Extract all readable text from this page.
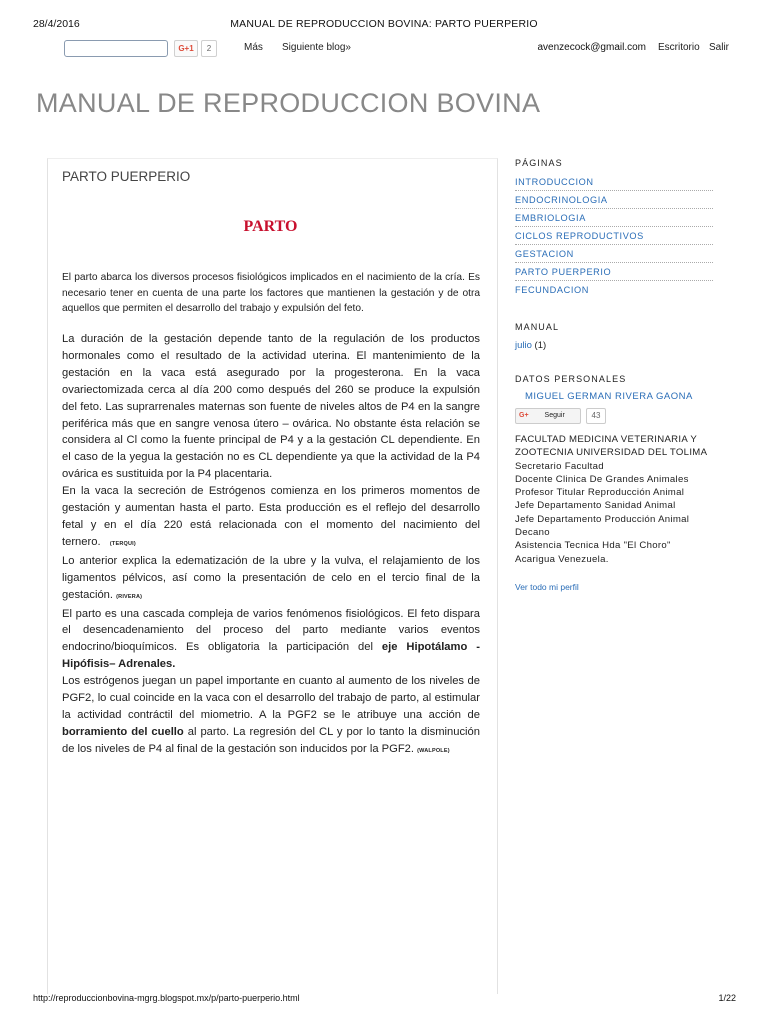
28/4/2016	MANUAL DE REPRODUCCION BOVINA: PARTO PUERPERIO
G+1	2	Más Siguiente blog»	avenzecock@gmail.com Escritorio Salir
MANUAL DE REPRODUCCION BOVINA
PARTO PUERPERIO
PARTO
El parto abarca los diversos procesos fisiológicos implicados en el nacimiento de la cría. Es necesario tener en cuenta de una parte los factores que mantienen la gestación y de otra aquellos que permiten el desarrollo del trabajo y expulsión del feto.

La duración de la gestación depende tanto de la regulación de los productos hormonales como el resultado de la actividad uterina. El mantenimiento de la gestación en la vaca está asegurado por la progesterona. En la vaca ovariectomizada cerca al día 200 como después del 260 se produce la expulsión del feto. Las suprarrenales maternas son fuente de niveles altos de P4 en la sangre periférica más que en sangre venosa útero – ovárica. No obstante ésta relación se considera al Cl como la fuente principal de P4 y a la gestación CL dependiente. En el caso de la yegua la gestación no es CL dependiente ya que la actividad de la P4 ovárica es sustituida por la P4 placentaria.

En la vaca la secreción de Estrógenos comienza en los primeros momentos de gestación y aumentan hasta el parto. Esta producción es el reflejo del desarrollo fetal y en el día 220 está relacionada con el momento del nacimiento del ternero. (TERQUI)

Lo anterior explica la edematización de la ubre y la vulva, el relajamiento de los ligamentos pélvicos, así como la presentación de celo en el tercio final de la gestación. (RIVERA)

El parto es una cascada compleja de varios fenómenos fisiológicos. El feto dispara el desencadenamiento del proceso del parto mediante varios eventos endocrino/bioquímicos. Es obligatoria la participación del eje Hipotálamo - Hipófisis– Adrenales.

Los estrógenos juegan un papel importante en cuanto al aumento de los niveles de PGF2, lo cual coincide en la vaca con el desarrollo del trabajo de parto, al estimular la actividad contráctil del miometrio. A la PGF2 se le atribuye una acción de borramiento del cuello al parto. La regresión del CL y por lo tanto la disminución de los niveles de P4 al final de la gestación son inducidos por la PGF2. (WALPOLE)

PÁGINAS
INTRODUCCION
ENDOCRINOLOGIA
EMBRIOLOGIA
CICLOS REPRODUCTIVOS
GESTACION
PARTO PUERPERIO
FECUNDACION
MANUAL
julio (1)
DATOS PERSONALES
MIGUEL GERMAN RIVERA GAONA
G+ Seguir	43
FACULTAD MEDICINA VETERINARIA Y ZOOTECNIA UNIVERSIDAD DEL TOLIMA
Secretario Facultad
Docente Clinica De Grandes Animales
Profesor Titular Reproducción Animal
Jefe Departamento Sanidad Animal
Jefe Departamento Producción Animal
Decano
Asistencia Tecnica Hda "El Choro"
Acarigua Venezuela.
Ver todo mi perfil
http://reproduccionbovina-mgrg.blogspot.mx/p/parto-puerperio.html	1/22
